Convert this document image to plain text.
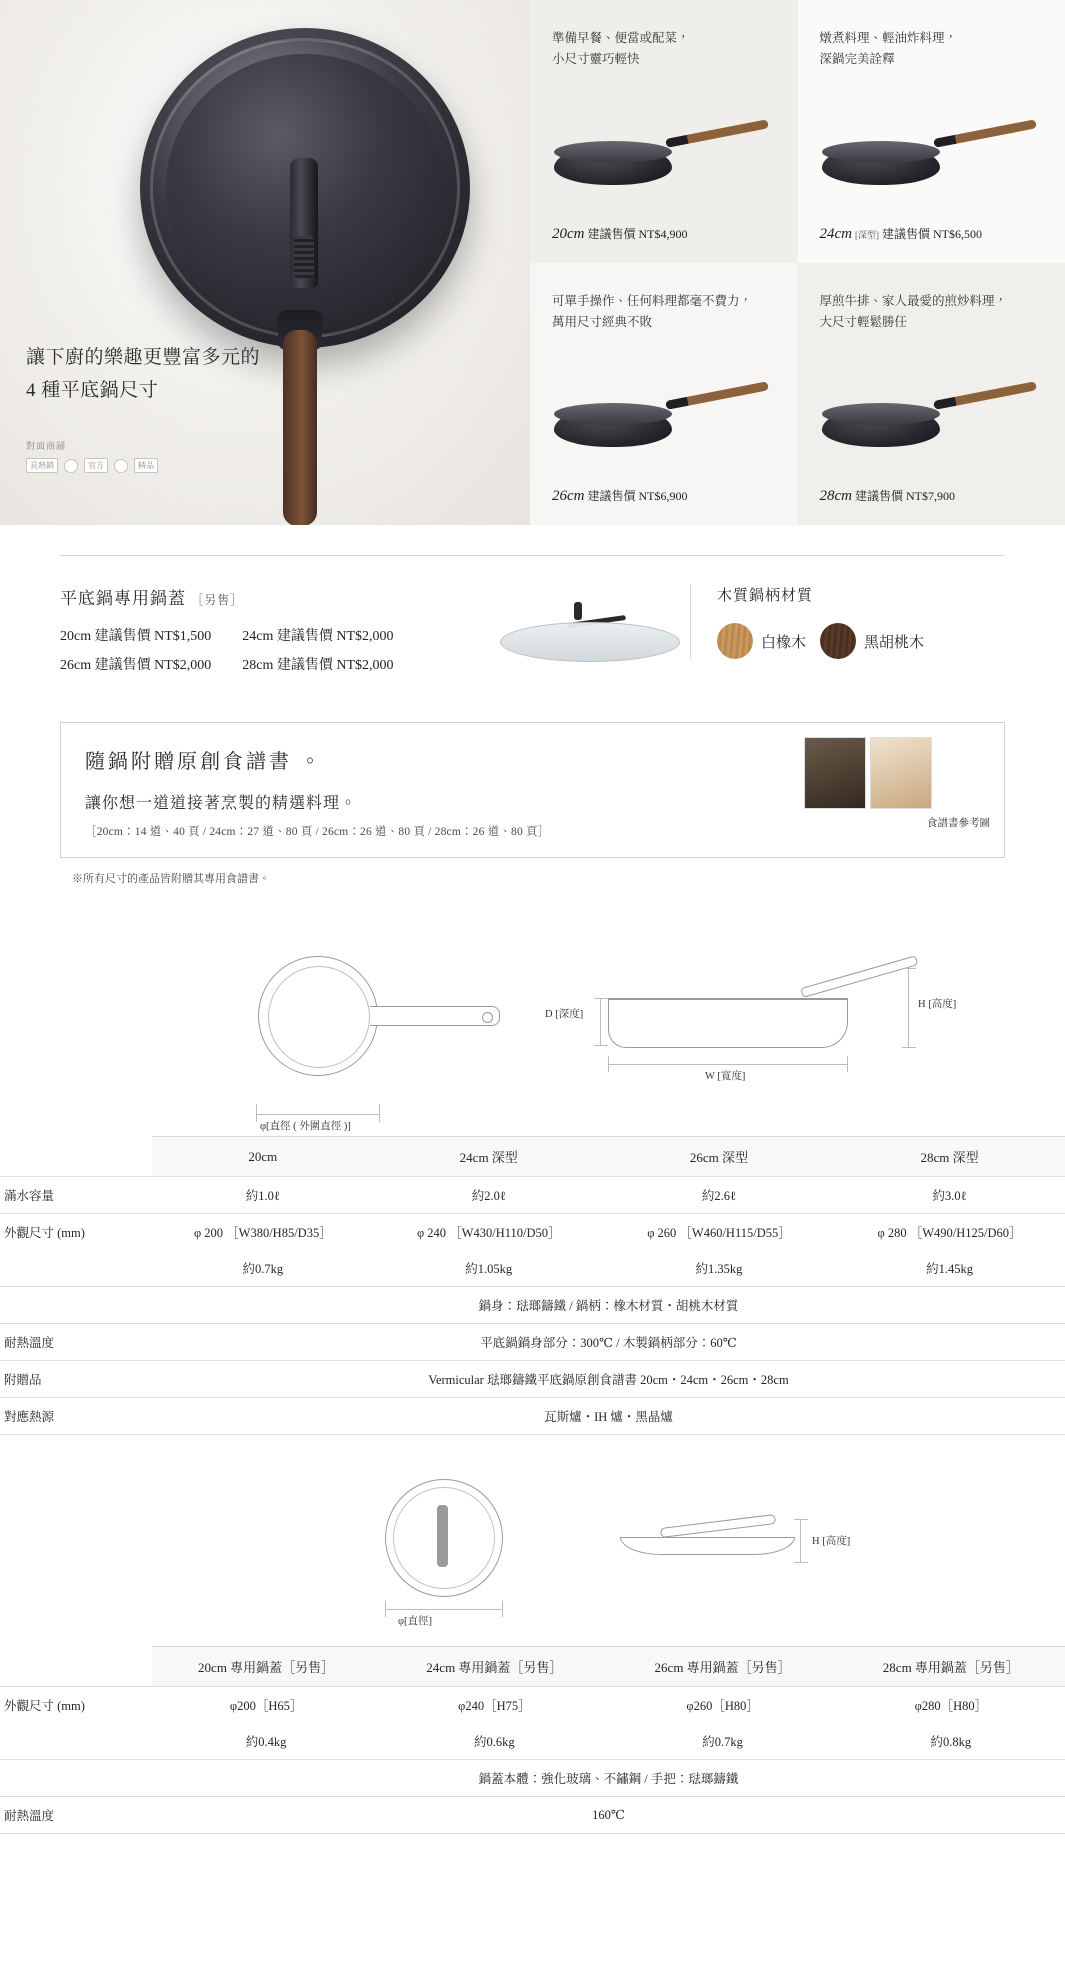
讓下廚的樂趣更豐富多元的
4 種平底鍋尺寸
對面商鋪
頁熱銷	官方	精品
準備早餐、便當或配菜，
小尺寸靈巧輕快
20cm 建議售價 NT$4,900
燉煮料理、輕油炸料理，
深鍋完美詮釋
24cm [深型] 建議售價 NT$6,500
可單手操作、任何料理都毫不費力，
萬用尺寸經典不敗
26cm 建議售價 NT$6,900
厚煎牛排、家人最愛的煎炒料理，
大尺寸輕鬆勝任
28cm 建議售價 NT$7,900
平底鍋專用鍋蓋 ［另售］
20cm 建議售價 NT$1,500 24cm 建議售價 NT$2,000
26cm 建議售價 NT$2,000 28cm 建議售價 NT$2,000
木質鍋柄材質
白橡木	黑胡桃木
隨鍋附贈原創食譜書 。
讓你想一道道接著烹製的精選料理。
［20cm：14 道、40 頁 / 24cm：27 道、80 頁 / 26cm：26 道、80 頁 / 28cm：26 道、80 頁］
食譜書參考圖
※所有尺寸的產品皆附贈其專用食譜書。
φ[直徑 ( 外圍直徑 )]
D [深度]
H [高度]
W [寬度]
	20cm	24cm 深型	26cm 深型	28cm 深型
滿水容量	約1.0ℓ	約2.0ℓ	約2.6ℓ	約3.0ℓ
外觀尺寸 (mm)	φ 200 ［W380/H85/D35］	φ 240 ［W430/H110/D50］	φ 260 ［W460/H115/D55］	φ 280 ［W490/H125/D60］
	約0.7kg	約1.05kg	約1.35kg	約1.45kg
	鍋身：琺瑯鑄鐵 / 鍋柄：橡木材質・胡桃木材質			
耐熱溫度	平底鍋鍋身部分：300℃ / 木製鍋柄部分：60℃			
附贈品	Vermicular 琺瑯鑄鐵平底鍋原創食譜書 20cm・24cm・26cm・28cm			
對應熱源	瓦斯爐・IH 爐・黑晶爐			
φ[直徑]
H [高度]
	20cm 專用鍋蓋［另售］	24cm 專用鍋蓋［另售］	26cm 專用鍋蓋［另售］	28cm 專用鍋蓋［另售］
外觀尺寸 (mm)	φ200［H65］	φ240［H75］	φ260［H80］	φ280［H80］
	約0.4kg	約0.6kg	約0.7kg	約0.8kg
	鍋蓋本體：強化玻璃、不鏽鋼 / 手把：琺瑯鑄鐵			
耐熱溫度	160℃			
